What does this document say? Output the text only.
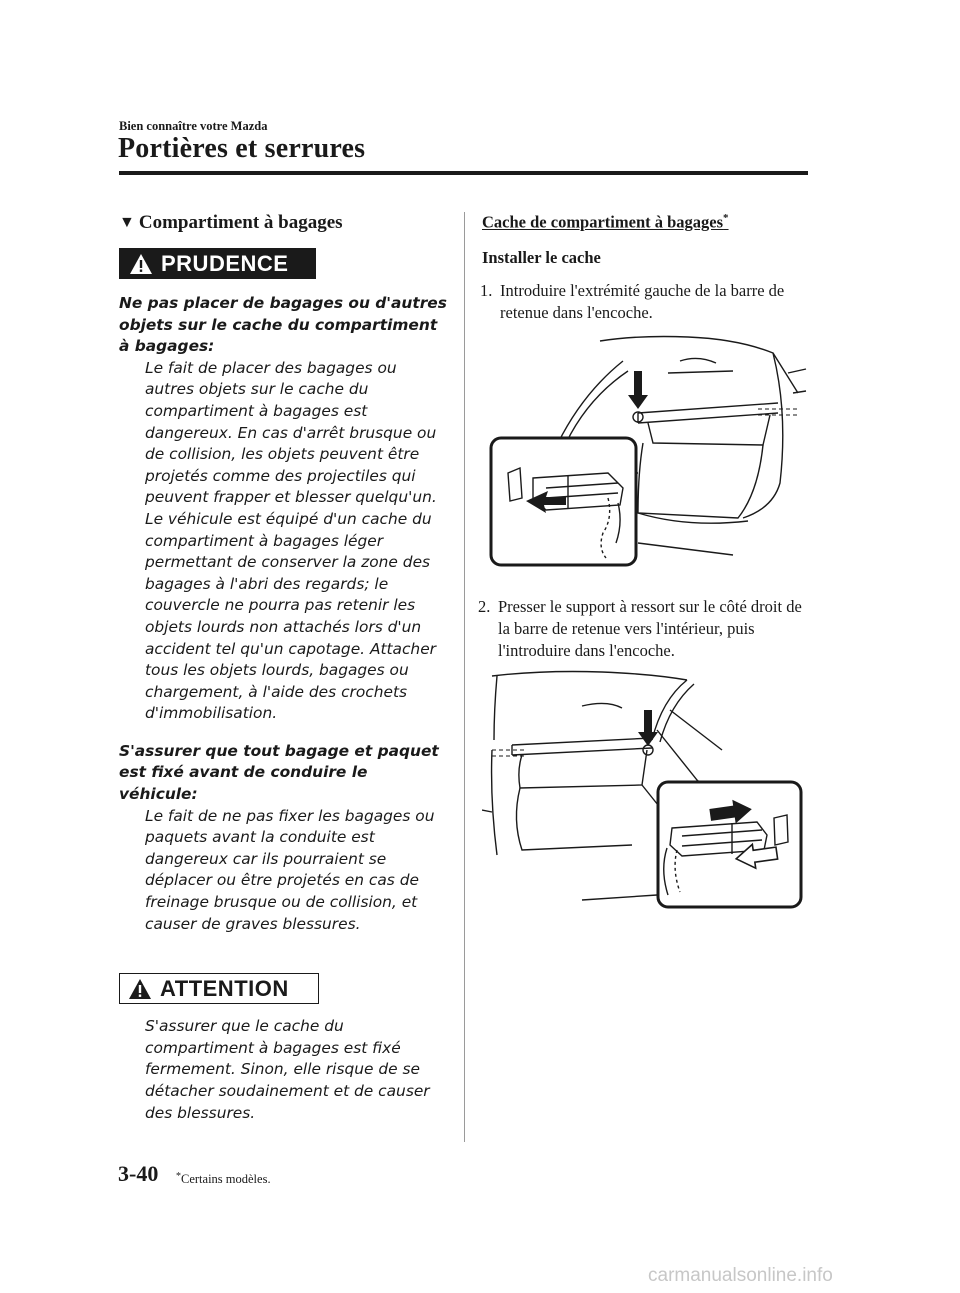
Bien connaître votre Mazda
Portières et serrures
▼ Compartiment à bagages
PRUDENCE

Ne pas placer de bagages ou d'autres objets sur le cache du compartiment à bagages:

Le fait de placer des bagages ou autres objets sur le cache du compartiment à bagages est dangereux. En cas d'arrêt brusque ou de collision, les objets peuvent être projetés comme des projectiles qui peuvent frapper et blesser quelqu'un. Le véhicule est équipé d'un cache du compartiment à bagages léger permettant de conserver la zone des bagages à l'abri des regards; le couvercle ne pourra pas retenir les objets lourds non attachés lors d'un accident tel qu'un capotage. Attacher tous les objets lourds, bagages ou chargement, à l'aide des crochets d'immobilisation.

S'assurer que tout bagage et paquet est fixé avant de conduire le véhicule:

Le fait de ne pas fixer les bagages ou paquets avant la conduite est dangereux car ils pourraient se déplacer ou être projetés en cas de freinage brusque ou de collision, et causer de graves blessures.

ATTENTION

S'assurer que le cache du compartiment à bagages est fixé fermement. Sinon, elle risque de se détacher soudainement et de causer des blessures.

Cache de compartiment à bagages*

Installer le cache

1. Introduire l'extrémité gauche de la barre de retenue dans l'encoche.
2. Presser le support à ressort sur le côté droit de la barre de retenue vers l'intérieur, puis l'introduire dans l'encoche.
3-40 *Certains modèles.
carmanualsonline.info
